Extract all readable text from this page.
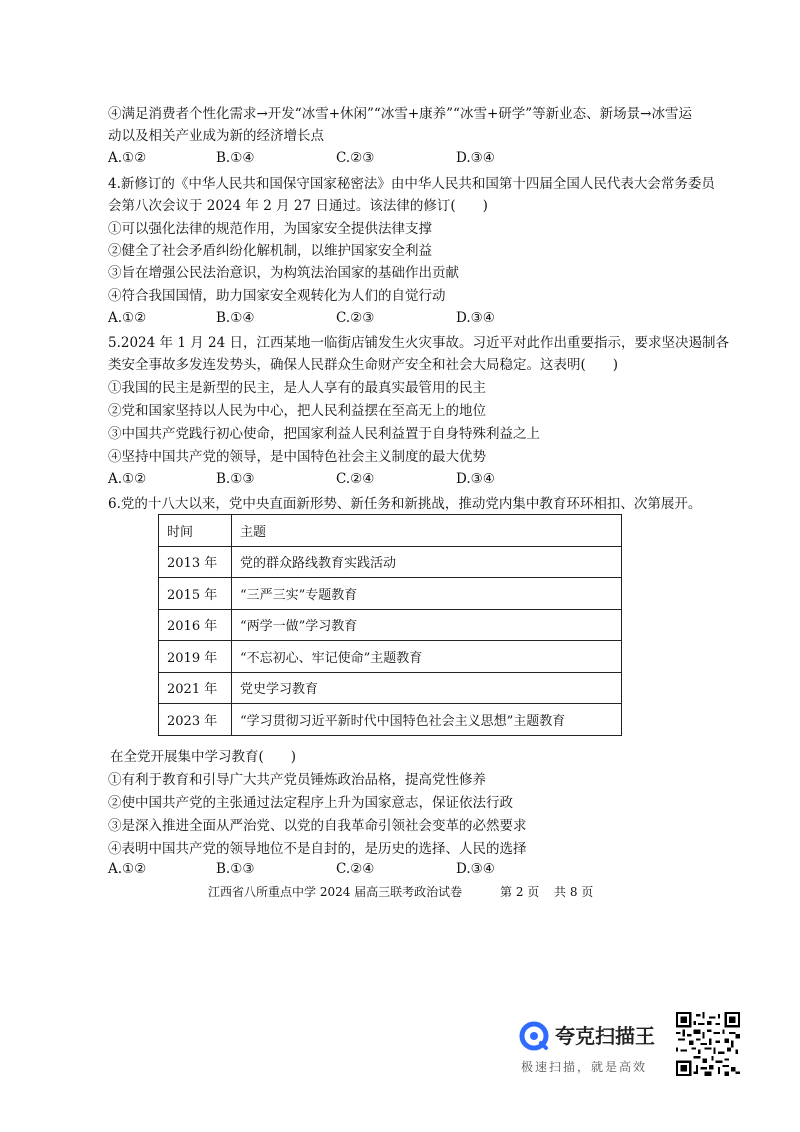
④满足消费者个性化需求→开发“冰雪+休闲”“冰雪+康养”“冰雪+研学”等新业态、新场景→冰雪运
动以及相关产业成为新的经济增长点
A.①②	B.①④	C.②③	D.③④
4.新修订的《中华人民共和国保守国家秘密法》由中华人民共和国第十四届全国人民代表大会常务委员
会第八次会议于 2024 年 2 月 27 日通过。该法律的修订(　　)
①可以强化法律的规范作用，为国家安全提供法律支撑
②健全了社会矛盾纠纷化解机制，以维护国家安全利益
③旨在增强公民法治意识，为构筑法治国家的基础作出贡献
④符合我国国情，助力国家安全观转化为人们的自觉行动
A.①②	B.①④	C.②③	D.③④
5.2024 年 1 月 24 日，江西某地一临街店铺发生火灾事故。习近平对此作出重要指示，要求坚决遏制各
类安全事故多发连发势头，确保人民群众生命财产安全和社会大局稳定。这表明(　　)
①我国的民主是新型的民主，是人人享有的最真实最管用的民主
②党和国家坚持以人民为中心，把人民利益摆在至高无上的地位
③中国共产党践行初心使命，把国家利益人民利益置于自身特殊利益之上
④坚持中国共产党的领导，是中国特色社会主义制度的最大优势
A.①②	B.①③	C.②④	D.③④
6.党的十八大以来，党中央直面新形势、新任务和新挑战，推动党内集中教育环环相扣、次第展开。
时间	主题
2013 年	党的群众路线教育实践活动
2015 年	“三严三实”专题教育
2016 年	“两学一做”学习教育
2019 年	“不忘初心、牢记使命”主题教育
2021 年	党史学习教育
2023 年	“学习贯彻习近平新时代中国特色社会主义思想”主题教育
在全党开展集中学习教育(　　)
①有利于教育和引导广大共产党员锤炼政治品格，提高党性修养
②使中国共产党的主张通过法定程序上升为国家意志，保证依法行政
③是深入推进全面从严治党、以党的自我革命引领社会变革的必然要求
④表明中国共产党的领导地位不是自封的，是历史的选择、人民的选择
A.①②	B.①③	C.②④	D.③④
江西省八所重点中学 2024 届高三联考政治试卷	第 2 页 共 8 页
夸克扫描王
极速扫描，就是高效
